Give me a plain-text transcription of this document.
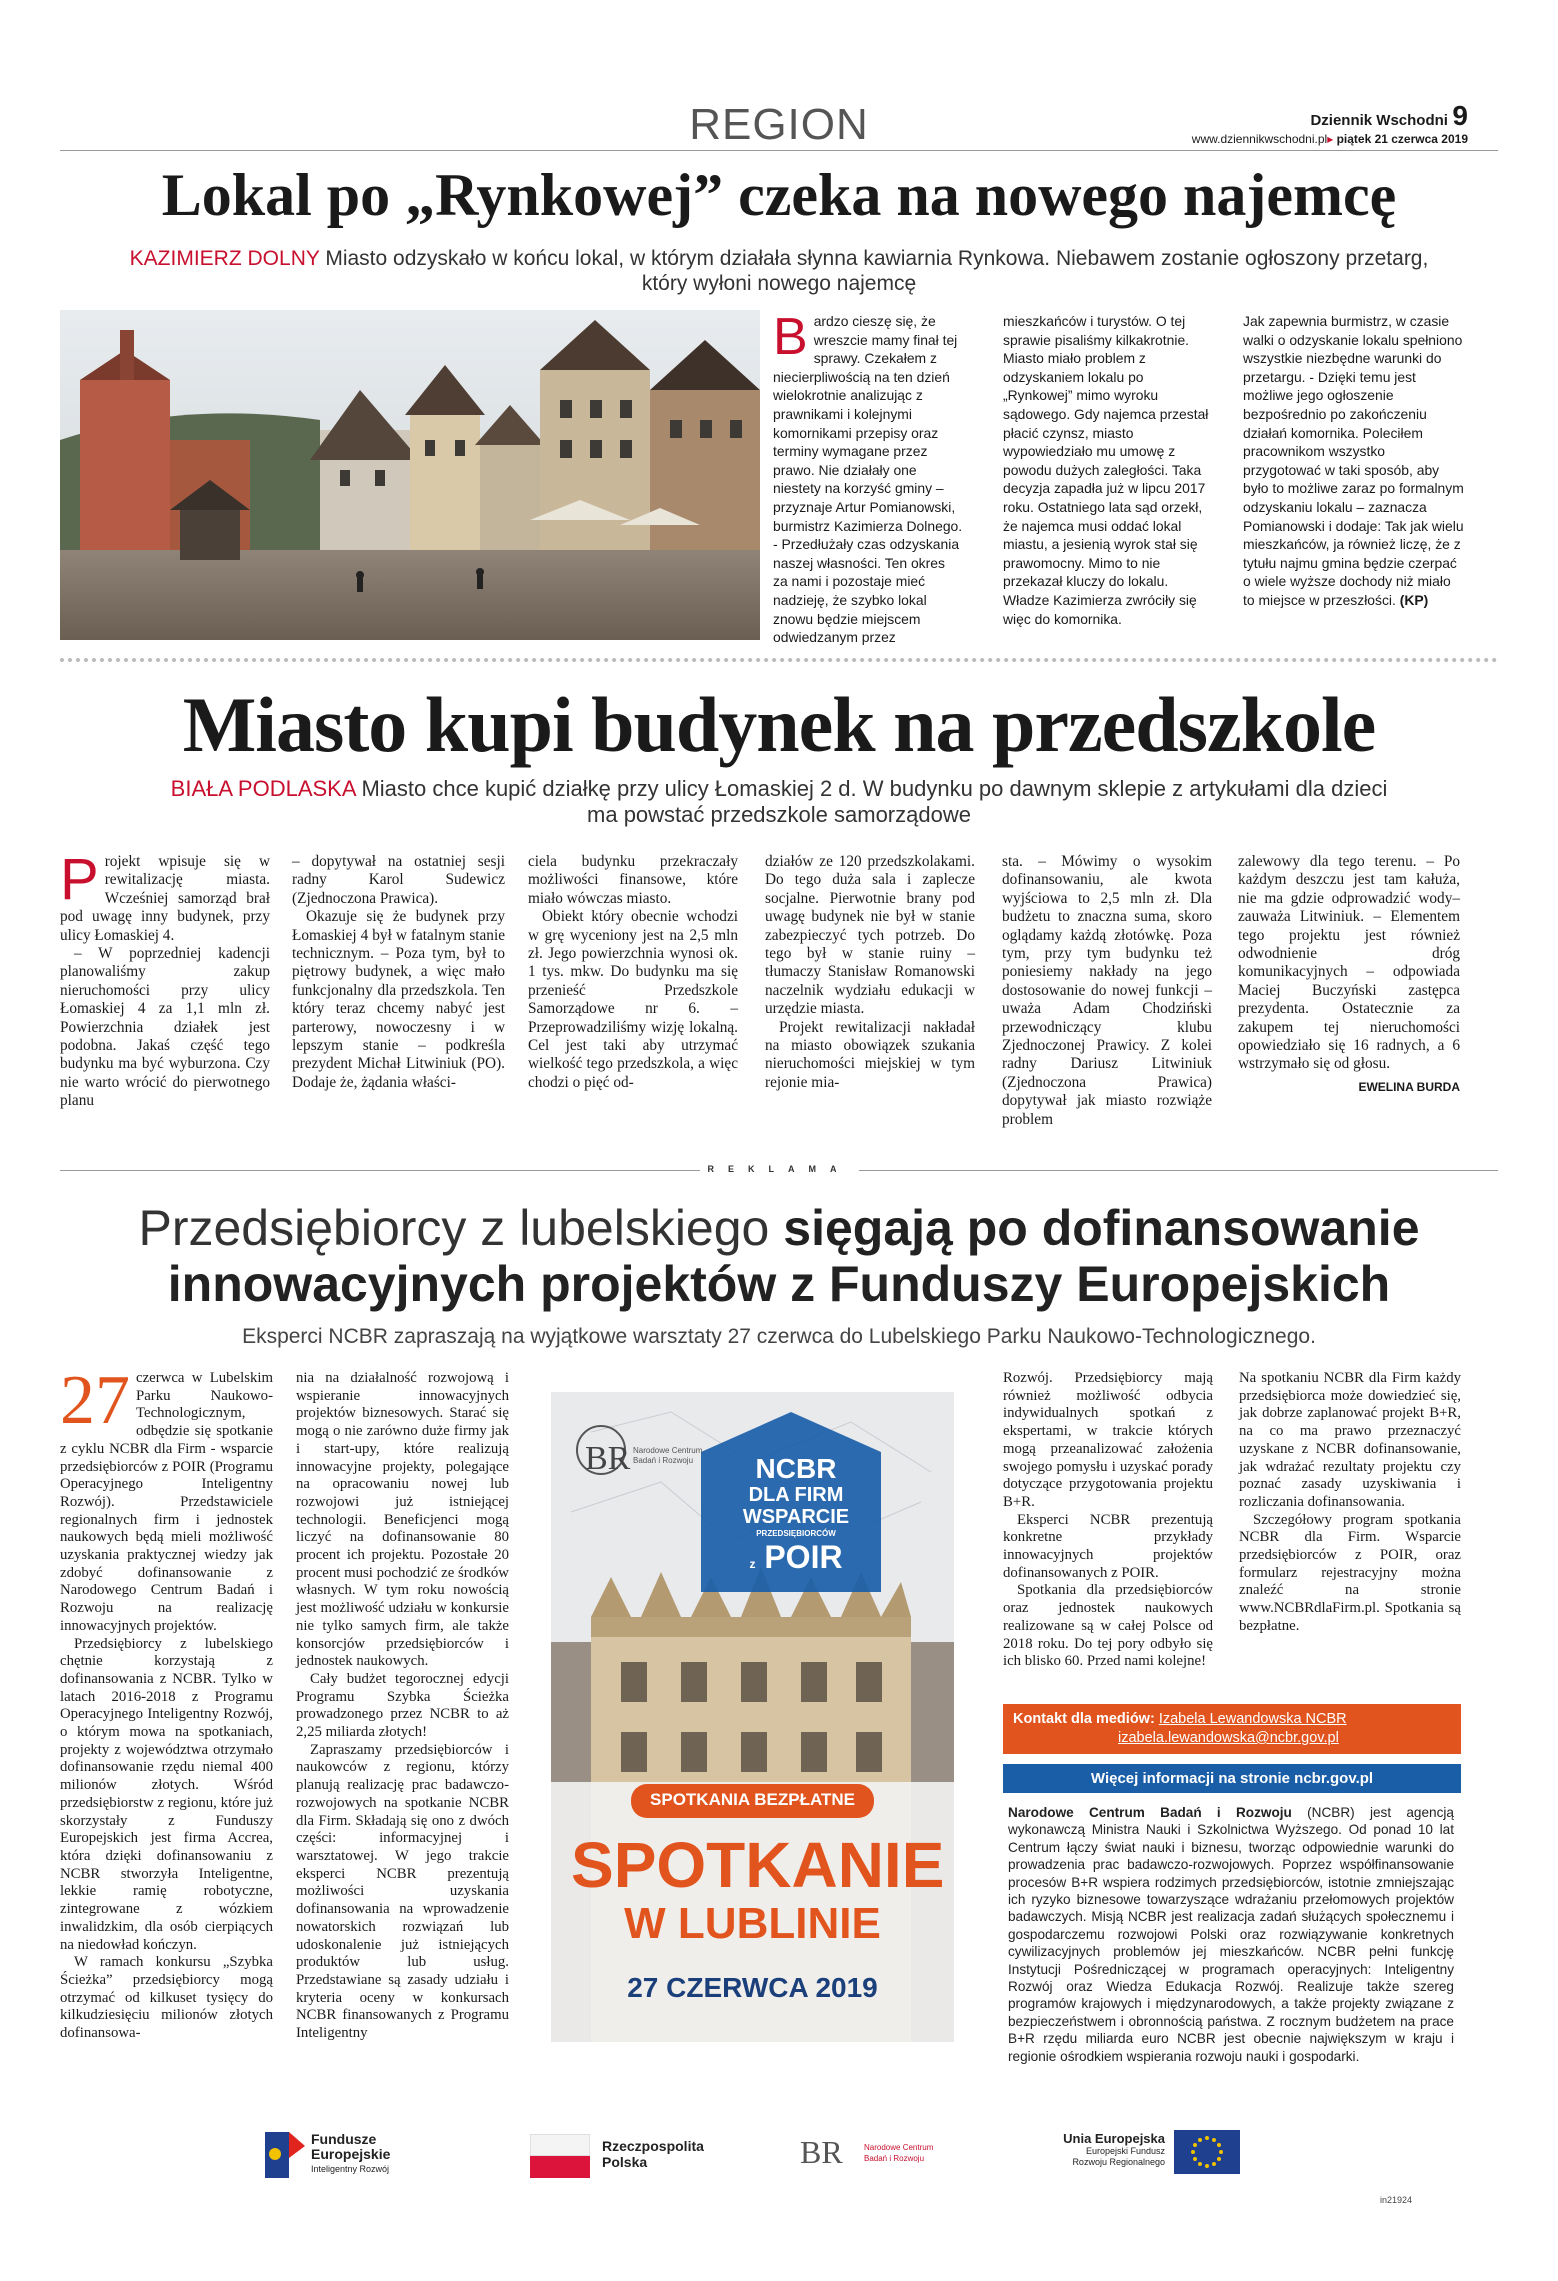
REGION	Dziennik Wschodni 9
www.dziennikwschodni.pl▸ piątek 21 czerwca 2019
Lokal po „Rynkowej” czeka na nowego najemcę
KAZIMIERZ DOLNY Miasto odzyskało w końcu lokal, w którym działała słynna kawiarnia Rynkowa. Niebawem zostanie ogłoszony przetarg,
który wyłoni nowego najemcę
Bardzo cieszę się, że wreszcie mamy finał tej sprawy. Czekałem z niecierpliwością na ten dzień wielokrotnie analizując z prawnikami i kolejnymi komornikami przepisy oraz terminy wymagane przez prawo. Nie działały one niestety na korzyść gminy – przyznaje Artur Pomianowski, burmistrz Kazimierza Dolnego. - Przedłużały czas odzyskania naszej własności. Ten okres za nami i pozostaje mieć nadzieję, że szybko lokal znowu będzie miejscem odwiedzanym przez
mieszkańców i turystów. O tej sprawie pisaliśmy kilkakrotnie. Miasto miało problem z odzyskaniem lokalu po „Rynkowej” mimo wyroku sądowego. Gdy najemca przestał płacić czynsz, miasto wypowiedziało mu umowę z powodu dużych zaległości. Taka decyzja zapadła już w lipcu 2017 roku. Ostatniego lata sąd orzekł, że najemca musi oddać lokal miastu, a jesienią wyrok stał się prawomocny. Mimo to nie przekazał kluczy do lokalu. Władze Kazimierza zwróciły się więc do komornika.
Jak zapewnia burmistrz, w czasie walki o odzyskanie lokalu spełniono wszystkie niezbędne warunki do przetargu. - Dzięki temu jest możliwe jego ogłoszenie bezpośrednio po zakończeniu działań komornika. Poleciłem pracownikom wszystko przygotować w taki sposób, aby było to możliwe zaraz po formalnym odzyskaniu lokalu – zaznacza Pomianowski i dodaje: Tak jak wielu mieszkańców, ja również liczę, że z tytułu najmu gmina będzie czerpać o wiele wyższe dochody niż miało to miejsce w przeszłości. (KP)
Miasto kupi budynek na przedszkole
BIAŁA PODLASKA Miasto chce kupić działkę przy ulicy Łomaskiej 2 d. W budynku po dawnym sklepie z artykułami dla dzieci
ma powstać przedszkole samorządowe

Projekt wpisuje się w rewitalizację miasta. Wcześniej samorząd brał pod uwagę inny budynek, przy ulicy Łomaskiej 4.

– W poprzedniej kadencji planowaliśmy zakup nieruchomości przy ulicy Łomaskiej 4 za 1,1 mln zł. Powierzchnia działek jest podobna. Jakaś część tego budynku ma być wyburzona. Czy nie warto wrócić do pierwotnego planu

– dopytywał na ostatniej sesji radny Karol Sudewicz (Zjednoczona Prawica).

Okazuje się że budynek przy Łomaskiej 4 był w fatalnym stanie technicznym. – Poza tym, był to piętrowy budynek, a więc mało funkcjonalny dla przedszkola. Ten który teraz chcemy nabyć jest parterowy, nowoczesny i w lepszym stanie – podkreśla prezydent Michał Litwiniuk (PO). Dodaje że, żądania właści-

ciela budynku przekraczały możliwości finansowe, które miało wówczas miasto.

Obiekt który obecnie wchodzi w grę wyceniony jest na 2,5 mln zł. Jego powierzchnia wynosi ok. 1 tys. mkw. Do budynku ma się przenieść Przedszkole Samorządowe nr 6. – Przeprowadziliśmy wizję lokalną. Cel jest taki aby utrzymać wielkość tego przedszkola, a więc chodzi o pięć od-

działów ze 120 przedszkolakami. Do tego duża sala i zaplecze socjalne. Pierwotnie brany pod uwagę budynek nie był w stanie zabezpieczyć tych potrzeb. Do tego był w stanie ruiny – tłumaczy Stanisław Romanowski naczelnik wydziału edukacji w urzędzie miasta.

Projekt rewitalizacji nakładał na miasto obowiązek szukania nieruchomości miejskiej w tym rejonie mia-

sta. – Mówimy o wysokim dofinansowaniu, ale kwota wyjściowa to 2,5 mln zł. Dla budżetu to znaczna suma, skoro oglądamy każdą złotówkę. Poza tym, przy tym budynku też poniesiemy nakłady na jego dostosowanie do nowej funkcji – uważa Adam Chodziński przewodniczący klubu Zjednoczonej Prawicy. Z kolei radny Dariusz Litwiniuk (Zjednoczona Prawica) dopytywał jak miasto rozwiąże problem

zalewowy dla tego terenu. – Po każdym deszczu jest tam kałuża, nie ma gdzie odprowadzić wody– zauważa Litwiniuk. – Elementem tego projektu jest również odwodnienie dróg komunikacyjnych – odpowiada Maciej Buczyński zastępca prezydenta. Ostatecznie za zakupem tej nieruchomości opowiedziało się 16 radnych, a 6 wstrzymało się od głosu.

EWELINA BURDA
REKLAMA
Przedsiębiorcy z lubelskiego sięgają po dofinansowanie
innowacyjnych projektów z Funduszy Europejskich
Eksperci NCBR zapraszają na wyjątkowe warsztaty 27 czerwca do Lubelskiego Parku Naukowo-Technologicznego.

27 czerwca w Lubelskim Parku Naukowo-Technologicznym, odbędzie się spotkanie z cyklu NCBR dla Firm - wsparcie przedsiębiorców z POIR (Programu Operacyjnego Inteligentny Rozwój). Przedstawiciele regionalnych firm i jednostek naukowych będą mieli możliwość uzyskania praktycznej wiedzy jak zdobyć dofinansowanie z Narodowego Centrum Badań i Rozwoju na realizację innowacyjnych projektów.

Przedsiębiorcy z lubelskiego chętnie korzystają z dofinansowania z NCBR. Tylko w latach 2016-2018 z Programu Operacyjnego Inteligentny Rozwój, o którym mowa na spotkaniach, projekty z województwa otrzymało dofinansowanie rzędu niemal 400 milionów złotych. Wśród przedsiębiorstw z regionu, które już skorzystały z Funduszy Europejskich jest firma Accrea, która dzięki dofinansowaniu z NCBR stworzyła Inteligentne, lekkie ramię robotyczne, zintegrowane z wózkiem inwalidzkim, dla osób cierpiących na niedowład kończyn.

W ramach konkursu „Szybka Ścieżka” przedsiębiorcy mogą otrzymać od kilkuset tysięcy do kilkudziesięciu milionów złotych dofinansowa-

nia na działalność rozwojową i wspieranie innowacyjnych projektów biznesowych. Starać się mogą o nie zarówno duże firmy jak i start-upy, które realizują innowacyjne projekty, polegające na opracowaniu nowej lub rozwojowi już istniejącej technologii. Beneficjenci mogą liczyć na dofinansowanie 80 procent ich projektu. Pozostałe 20 procent musi pochodzić ze środków własnych. W tym roku nowością jest możliwość udziału w konkursie nie tylko samych firm, ale także konsorcjów przedsiębiorców i jednostek naukowych.

Cały budżet tegorocznej edycji Programu Szybka Ścieżka prowadzonego przez NCBR to aż 2,25 miliarda złotych!

Zapraszamy przedsiębiorców i naukowców z regionu, którzy planują realizację prac badawczo-rozwojowych na spotkanie NCBR dla Firm. Składają się ono z dwóch części: informacyjnej i warsztatowej. W jego trakcie eksperci NCBR prezentują możliwości uzyskania dofinansowania na wprowadzenie nowatorskich rozwiązań lub udoskonalenie już istniejących produktów lub usług. Przedstawiane są zasady udziału i kryteria oceny w konkursach NCBR finansowanych z Programu Inteligentny

BR Narodowe Centrum
Badań i Rozwoju	NCBR
DLA FIRM
WSPARCIE
PRZEDSIĘBIORCÓW
z POIR
SPOTKANIA BEZPŁATNE
SPOTKANIE
W LUBLINIE
27 CZERWCA 2019

Rozwój. Przedsiębiorcy mają również możliwość odbycia indywidualnych spotkań z ekspertami, w trakcie których mogą przeanalizować założenia swojego pomysłu i uzyskać porady dotyczące przygotowania projektu B+R.

Eksperci NCBR prezentują konkretne przykłady innowacyjnych projektów dofinansowanych z POIR.

Spotkania dla przedsiębiorców oraz jednostek naukowych realizowane są w całej Polsce od 2018 roku. Do tej pory odbyło się ich blisko 60. Przed nami kolejne!

Na spotkaniu NCBR dla Firm każdy przedsiębiorca może dowiedzieć się, jak dobrze zaplanować projekt B+R, na co ma prawo przeznaczyć uzyskane z NCBR dofinansowanie, jak wdrażać rezultaty projektu czy poznać zasady uzyskiwania i rozliczania dofinansowania.

Szczegółowy program spotkania NCBR dla Firm. Wsparcie przedsiębiorców z POIR, oraz formularz rejestracyjny można znaleźć na stronie www.NCBRdlaFirm.pl. Spotkania są bezpłatne.

Kontakt dla mediów: Izabela Lewandowska NCBR
izabela.lewandowska@ncbr.gov.pl
Więcej informacji na stronie ncbr.gov.pl
Narodowe Centrum Badań i Rozwoju (NCBR) jest agencją wykonawczą Ministra Nauki i Szkolnictwa Wyższego. Od ponad 10 lat Centrum łączy świat nauki i biznesu, tworząc odpowiednie warunki do prowadzenia prac badawczo-rozwojowych. Poprzez współfinansowanie procesów B+R wspiera rodzimych przedsiębiorców, istotnie zmniejszając ich ryzyko biznesowe towarzyszące wdrażaniu przełomowych projektów badawczych. Misją NCBR jest realizacja zadań służących społecznemu i gospodarczemu rozwojowi Polski oraz rozwiązywanie konkretnych cywilizacyjnych problemów jej mieszkańców. NCBR pełni funkcję Instytucji Pośredniczącej w programach operacyjnych: Inteligentny Rozwój oraz Wiedza Edukacja Rozwój. Realizuje także szereg programów krajowych i międzynarodowych, a także projekty związane z bezpieczeństwem i obronnością państwa. Z rocznym budżetem na prace B+R rzędu miliarda euro NCBR jest obecnie największym w kraju i regionie ośrodkiem wspierania rozwoju nauki i gospodarki.
Fundusze
Europejskie
Inteligentny Rozwój
Rzeczpospolita
Polska	BR	Narodowe Centrum
Badań i Rozwoju
Unia Europejska
Europejski Fundusz
Rozwoju Regionalnego
in21924
